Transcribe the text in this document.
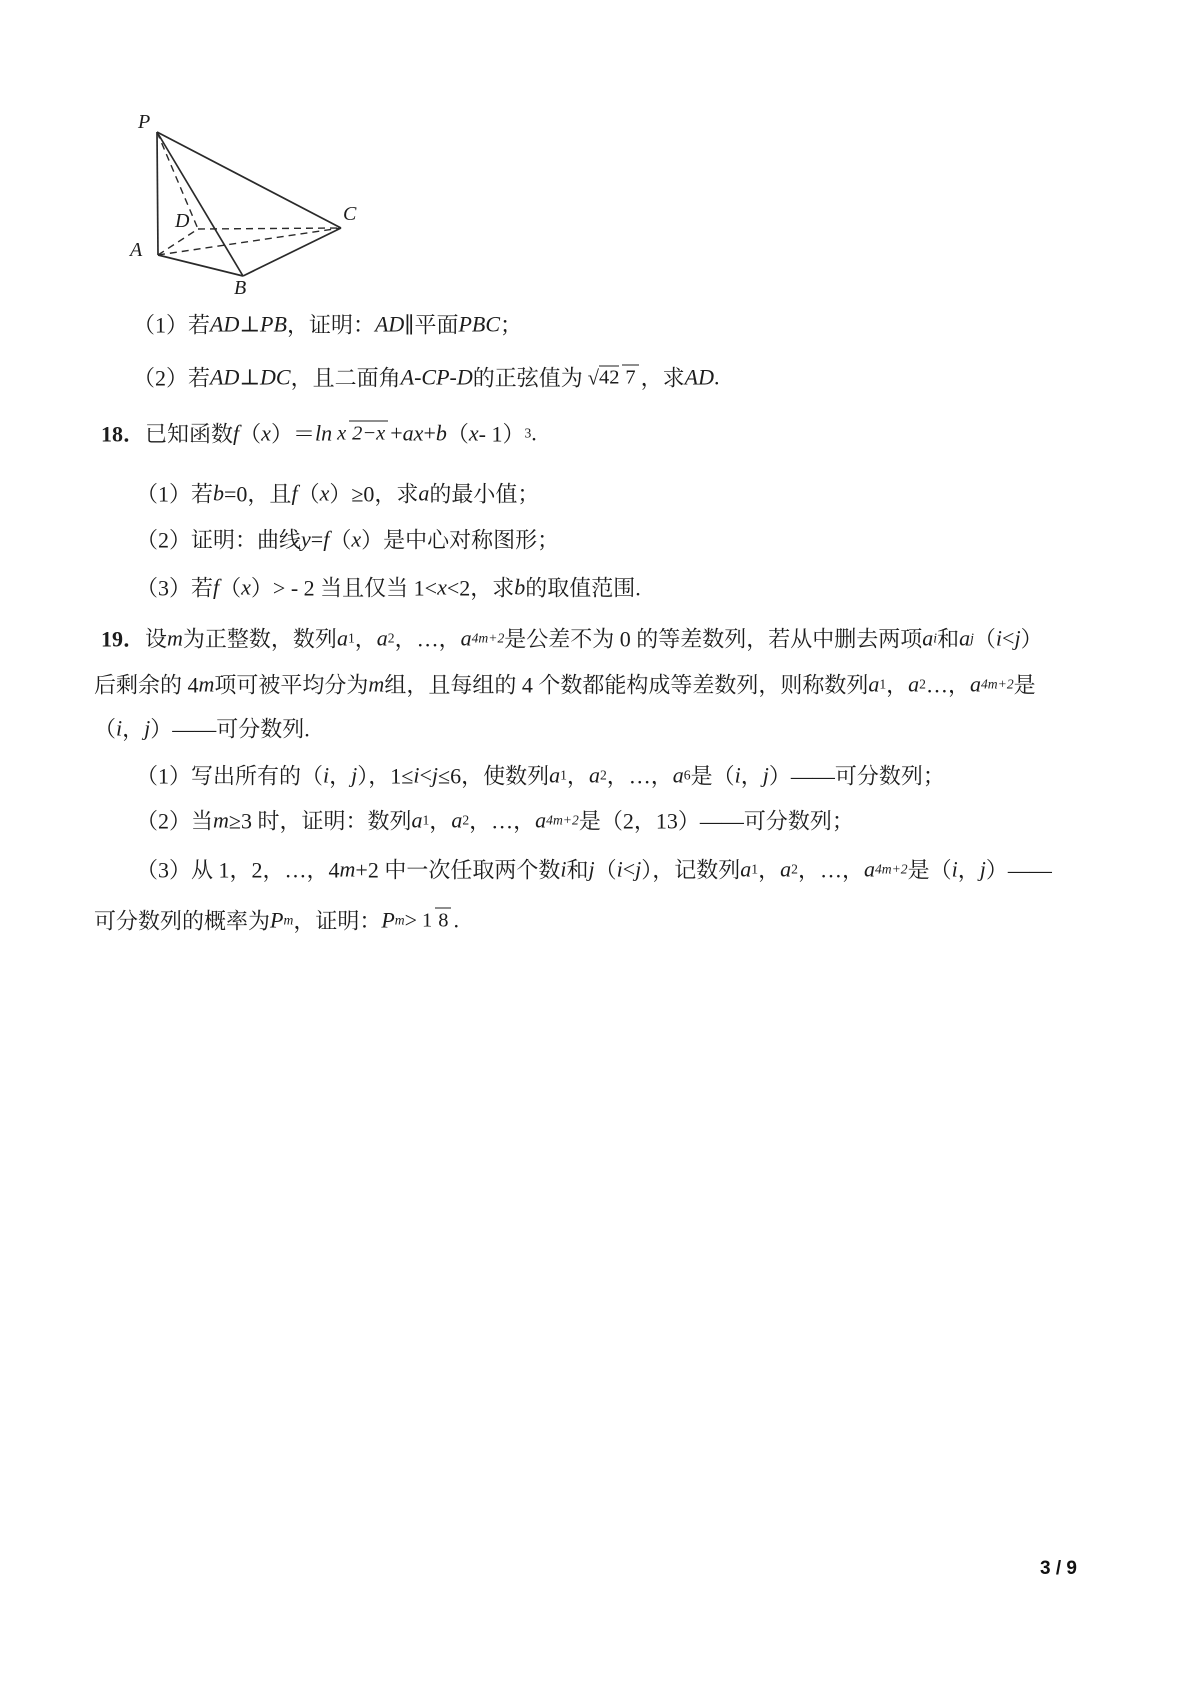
P
A
B
C
D
（1）若 AD ⊥ PB ，证明： AD ∥平面 PBC ；
（2）若 AD ⊥ DC ，且二面角 A - CP - D 的正弦值为 √ 42 7 ，求 AD .
18． 已知函数 f （ x ）＝ ln x 2−x + ax + b （ x - 1） 3 .
（1）若 b =0，且 f （ x ）≥0，求 a 的最小值；
（2）证明：曲线 y = f （ x ）是中心对称图形；
（3）若 f （ x ）> - 2 当且仅当 1< x <2，求 b 的取值范围.
19． 设 m 为正整数，数列 a 1 ， a 2 ，…， a 4m+2 是公差不为 0 的等差数列，若从中删去两项 a i 和 a j （ i < j ）
后剩余的 4 m 项可被平均分为 m 组，且每组的 4 个数都能构成等差数列，则称数列 a 1 ， a 2 …， a 4m+2 是
（ i ， j ）——可分数列.
（1）写出所有的（ i ， j ），1≤ i < j ≤6，使数列 a 1 ， a 2 ，…， a 6 是（ i ， j ）——可分数列；
（2）当 m ≥3 时，证明：数列 a 1 ， a 2 ，…， a 4m+2 是（2，13）——可分数列；
（3）从 1，2，…，4 m +2 中一次任取两个数 i 和 j （ i < j ），记数列 a 1 ， a 2 ，…， a 4m+2 是（ i ， j ）——
可分数列的概率为 P m ，证明： P m > 1 8 .
3 / 9
